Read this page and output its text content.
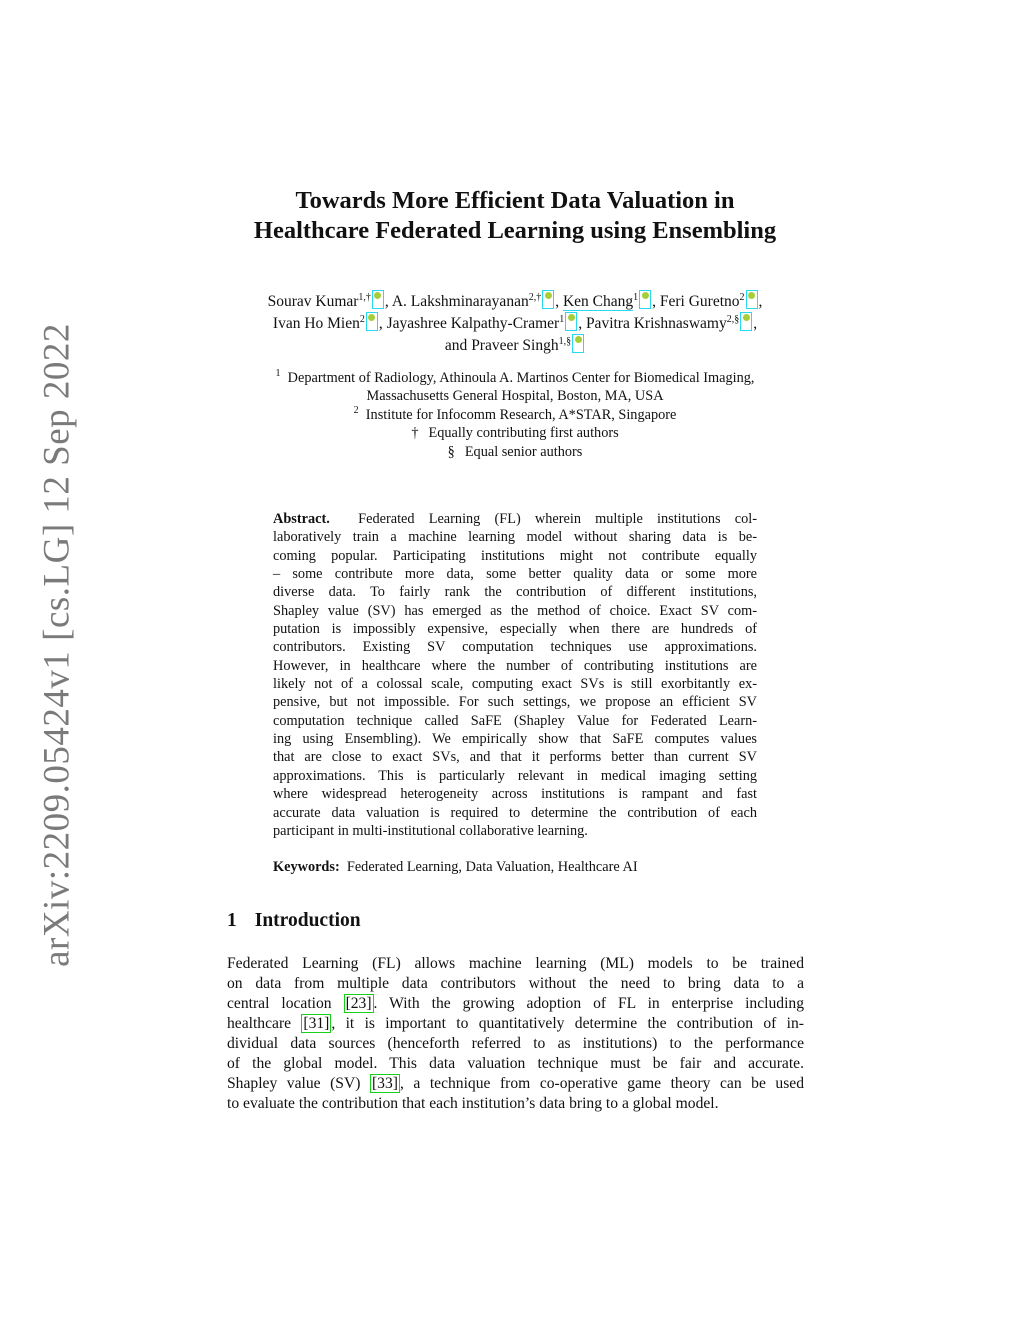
arXiv:2209.05424v1 [cs.LG] 12 Sep 2022
Towards More Efficient Data Valuation in
Healthcare Federated Learning using Ensembling
Sourav Kumar$^{1,\dagger}$ , A. Lakshminarayanan$^{2,\dagger}$ , Ken Chang$^1$ , Feri Guretno$^2$ ,
Ivan Ho Mien$^2$ , Jayashree Kalpathy-Cramer$^1$ , Pavitra Krishnaswamy$^{2,\S}$ ,
and Praveer Singh$^{1,\S}$
$^1$ Department of Radiology, Athinoula A. Martinos Center for Biomedical Imaging,
Massachusetts General Hospital, Boston, MA, USA
$^2$ Institute for Infocomm Research, A*STAR, Singapore
† Equally contributing first authors
§ Equal senior authors
Abstract. Federated Learning (FL) wherein multiple institutions col-
laboratively train a machine learning model without sharing data is be-
coming popular. Participating institutions might not contribute equally
– some contribute more data, some better quality data or some more
diverse data. To fairly rank the contribution of different institutions,
Shapley value (SV) has emerged as the method of choice. Exact SV com-
putation is impossibly expensive, especially when there are hundreds of
contributors. Existing SV computation techniques use approximations.
However, in healthcare where the number of contributing institutions are
likely not of a colossal scale, computing exact SVs is still exorbitantly ex-
pensive, but not impossible. For such settings, we propose an efficient SV
computation technique called SaFE (Shapley Value for Federated Learn-
ing using Ensembling). We empirically show that SaFE computes values
that are close to exact SVs, and that it performs better than current SV
approximations. This is particularly relevant in medical imaging setting
where widespread heterogeneity across institutions is rampant and fast
accurate data valuation is required to determine the contribution of each
participant in multi-institutional collaborative learning.
Keywords: Federated Learning, Data Valuation, Healthcare AI
1 Introduction
Federated Learning (FL) allows machine learning (ML) models to be trained
on data from multiple data contributors without the need to bring data to a
central location [23] . With the growing adoption of FL in enterprise including
healthcare [31] , it is important to quantitatively determine the contribution of in-
dividual data sources (henceforth referred to as institutions) to the performance
of the global model. This data valuation technique must be fair and accurate.
Shapley value (SV) [33] , a technique from co-operative game theory can be used
to evaluate the contribution that each institution’s data bring to a global model.
